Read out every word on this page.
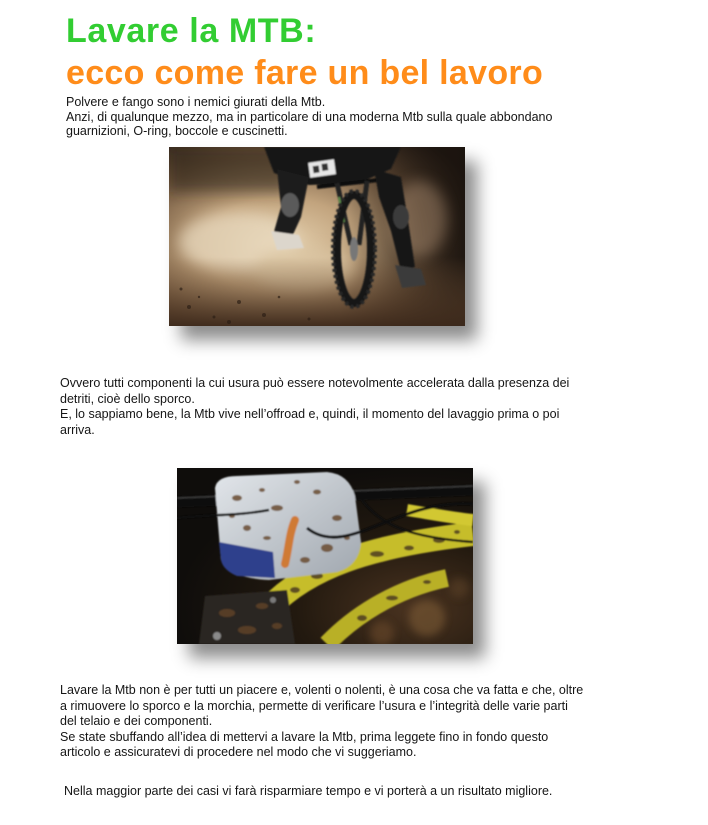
Lavare la MTB:
ecco come fare un bel lavoro
Polvere e fango sono i nemici giurati della Mtb.
Anzi, di qualunque mezzo, ma in particolare di una moderna Mtb sulla quale abbondano
guarnizioni, O-ring, boccole e cuscinetti.
Ovvero tutti componenti la cui usura può essere notevolmente accelerata dalla presenza dei
detriti, cioè dello sporco.
E, lo sappiamo bene, la Mtb vive nell’offroad e, quindi, il momento del lavaggio prima o poi
arriva.
Lavare la Mtb non è per tutti un piacere e, volenti o nolenti, è una cosa che va fatta e che, oltre
a rimuovere lo sporco e la morchia, permette di verificare l’usura e l’integrità delle varie parti
del telaio e dei componenti.
Se state sbuffando all’idea di mettervi a lavare la Mtb, prima leggete fino in fondo questo
articolo e assicuratevi di procedere nel modo che vi suggeriamo.
Nella maggior parte dei casi vi farà risparmiare tempo e vi porterà a un risultato migliore.
